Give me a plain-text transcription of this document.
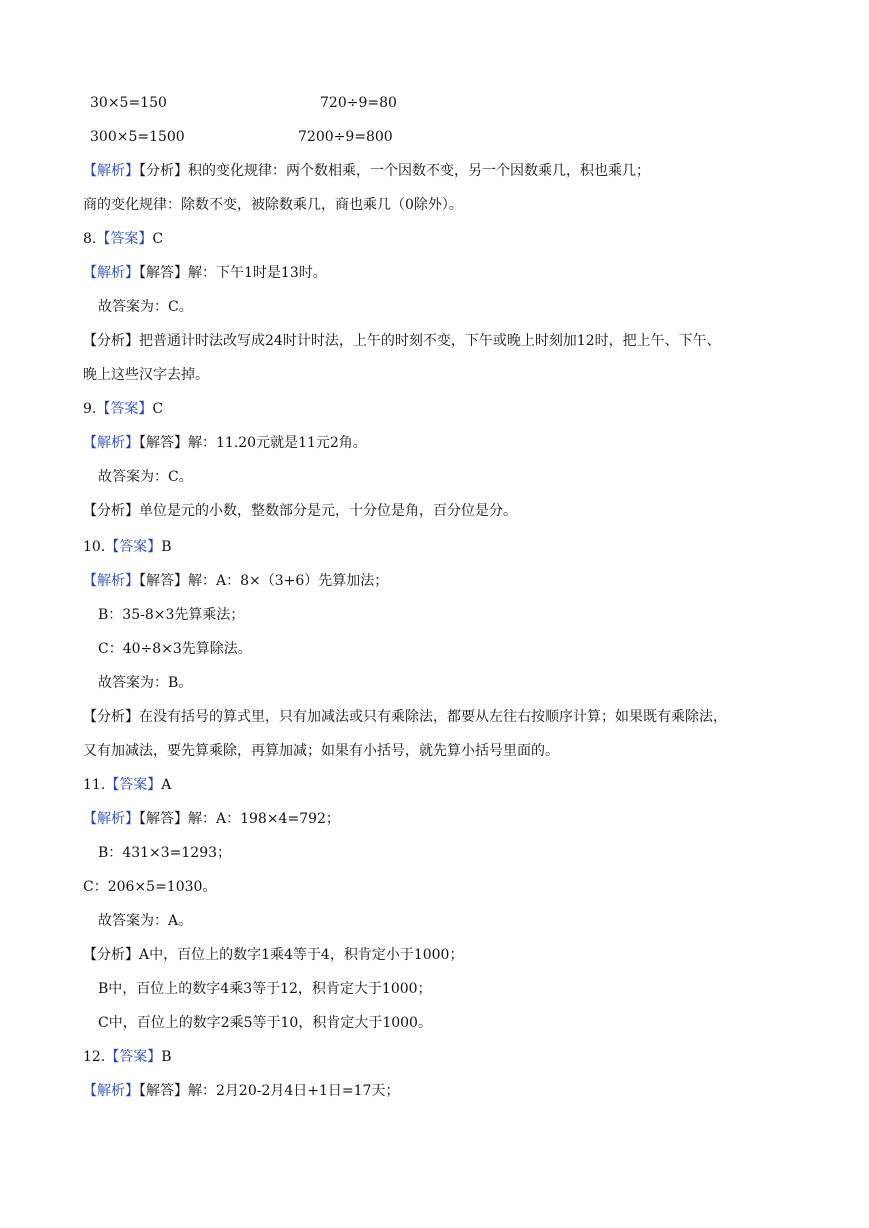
30×5=150	720÷9=80
300×5=1500	7200÷9=800
【解析】【分析】积的变化规律：两个数相乘，一个因数不变，另一个因数乘几，积也乘几；
商的变化规律：除数不变，被除数乘几，商也乘几（0除外）。
8.【答案】C
【解析】【解答】解：下午1时是13时。
故答案为：C。
【分析】把普通计时法改写成24时计时法，上午的时刻不变，下午或晚上时刻加12时，把上午、下午、
晚上这些汉字去掉。
9.【答案】C
【解析】【解答】解：11.20元就是11元2角。
故答案为：C。
【分析】单位是元的小数，整数部分是元，十分位是角，百分位是分。
10.【答案】B
【解析】【解答】解：A：8×（3+6）先算加法；
B：35-8×3先算乘法；
C：40÷8×3先算除法。
故答案为：B。
【分析】在没有括号的算式里，只有加减法或只有乘除法，都要从左往右按顺序计算；如果既有乘除法，
又有加减法，要先算乘除，再算加减；如果有小括号，就先算小括号里面的。
11.【答案】A
【解析】【解答】解：A：198×4=792；
B：431×3=1293；
C：206×5=1030。
故答案为：A。
【分析】A中，百位上的数字1乘4等于4，积肯定小于1000；
B中，百位上的数字4乘3等于12，积肯定大于1000；
C中，百位上的数字2乘5等于10，积肯定大于1000。
12.【答案】B
【解析】【解答】解：2月20-2月4日+1日=17天；
